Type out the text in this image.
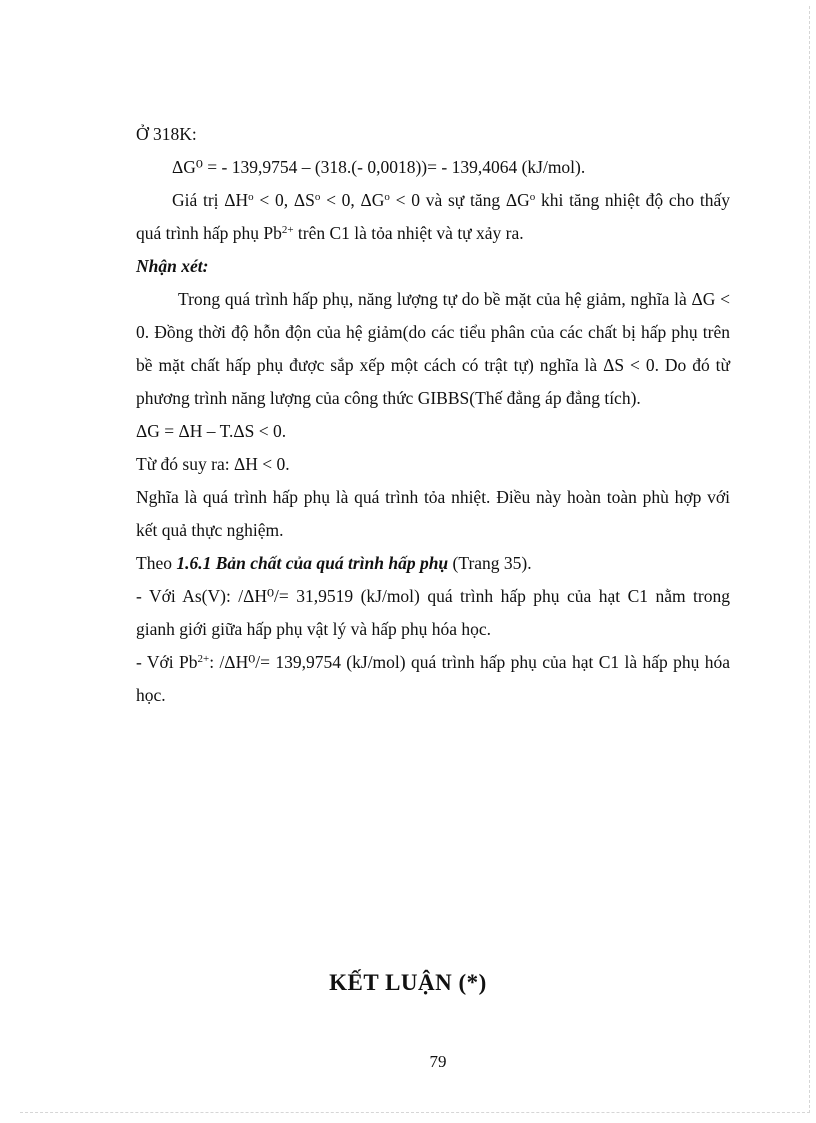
Ở 318K:

ΔG⁰ = - 139,9754 – (318.(- 0,0018))= - 139,4064 (kJ/mol).

Giá trị $\Delta H^o < 0$, $\Delta S^o < 0$, $\Delta G^o < 0$ và sự tăng $\Delta G^o$ khi tăng nhiệt độ cho thấy quá trình hấp phụ $Pb^{2+}$ trên C1 là tỏa nhiệt và tự xảy ra.

Nhận xét:

Trong quá trình hấp phụ, năng lượng tự do bề mặt của hệ giảm, nghĩa là ΔG < 0. Đồng thời độ hỗn độn của hệ giảm(do các tiểu phân của các chất bị hấp phụ trên bề mặt chất hấp phụ được sắp xếp một cách có trật tự) nghĩa là ΔS < 0. Do đó từ phương trình năng lượng của công thức GIBBS(Thế đẳng áp đẳng tích).

ΔG = ΔH – T.ΔS < 0.

Từ đó suy ra: ΔH < 0.

Nghĩa là quá trình hấp phụ là quá trình tỏa nhiệt. Điều này hoàn toàn phù hợp với kết quả thực nghiệm.

Theo 1.6.1 Bản chất của quá trình hấp phụ (Trang 35).

- Với As(V): /ΔH⁰/= 31,9519 (kJ/mol) quá trình hấp phụ của hạt C1 nằm trong gianh giới giữa hấp phụ vật lý và hấp phụ hóa học.

- Với $Pb^{2+}$: /ΔH⁰/= 139,9754 (kJ/mol) quá trình hấp phụ của hạt C1 là hấp phụ hóa học.

KẾT LUẬN (*)
79
